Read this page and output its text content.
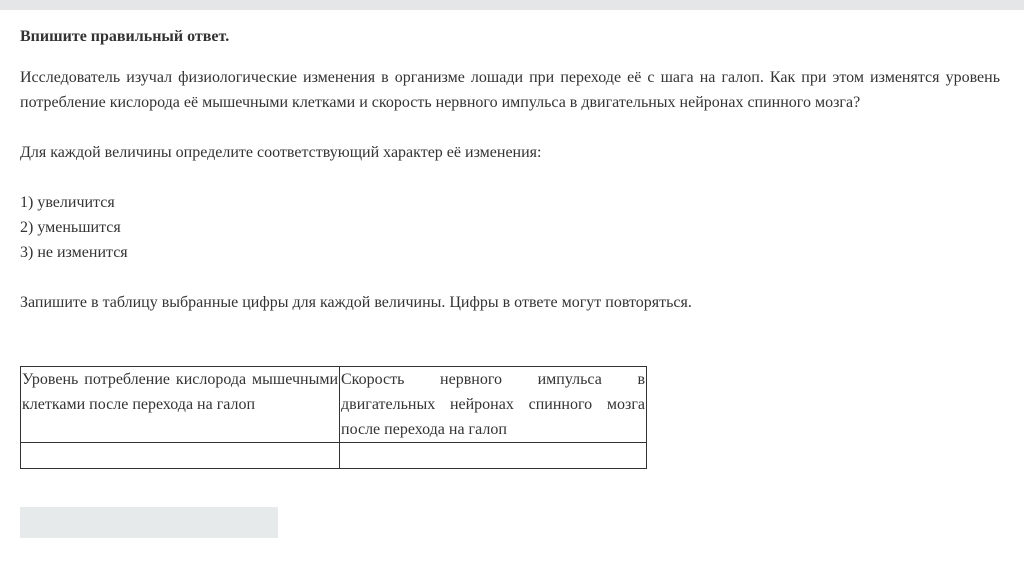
Впишите правильный ответ.

Исследователь изучал физиологические изменения в организме лошади при переходе её с шага на галоп. Как при этом изменятся уровень потребление кислорода её мышечными клетками и скорость нервного импульса в двигательных нейронах спинного мозга?

Для каждой величины определите соответствующий характер её изменения:

1) увеличится
2) уменьшится
3) не изменится

Запишите в таблицу выбранные цифры для каждой величины. Цифры в ответе могут повторяться.

Уровень потребление кислорода мышечными клетками после перехода на галоп	Скорость нервного импульса в двигательных нейронах спинного мозга после перехода на галоп
